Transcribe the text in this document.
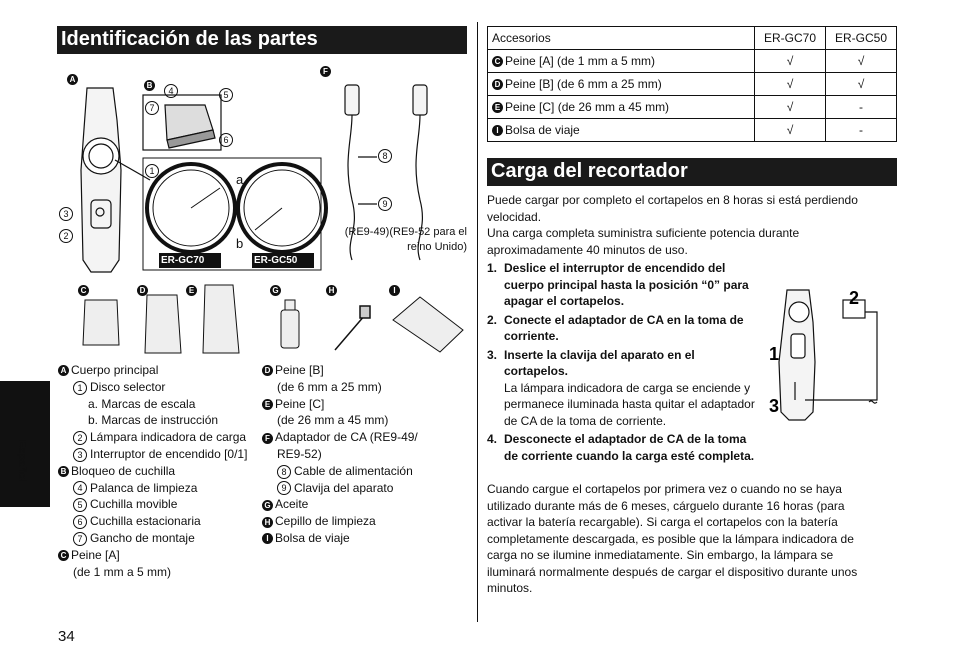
Identificación de las partes
A
B
F
C	D	E	G	H	I
4	5
7
6
1
3
2
8
9
a
b
ER-GC70	ER-GC50
(RE9-49)(RE9-52 para el reino Unido)
A Cuerpo principal
1 Disco selector
a. Marcas de escala
b. Marcas de instrucción
2 Lámpara indicadora de carga
3 Interruptor de encendido [0/1]
B Bloqueo de cuchilla
4 Palanca de limpieza
5 Cuchilla movible
6 Cuchilla estacionaria
7 Gancho de montaje
C Peine [A]
(de 1 mm a 5 mm)
D Peine [B]
(de 6 mm a 25 mm)
E Peine [C]
(de 26 mm a 45 mm)
F Adaptador de CA (RE9-49/
RE9-52)
8 Cable de alimentación
9 Clavija del aparato
G Aceite
H Cepillo de limpieza
I Bolsa de viaje
Español
34
Accesorios	ER-GC70	ER-GC50
C Peine [A] (de 1 mm a 5 mm)	√	√
D Peine [B] (de 6 mm a 25 mm)	√	√
E Peine [C] (de 26 mm a 45 mm)	√	-
I Bolsa de viaje	√	-
Carga del recortador
Puede cargar por completo el cortapelos en 8 horas si está perdiendo velocidad.
Una carga completa suministra suficiente potencia durante aproximadamente 40 minutos de uso.
1. Deslice el interruptor de encendido del cuerpo principal hasta la posición “0” para apagar el cortapelos.
2. Conecte el adaptador de CA en la toma de corriente.
3. Inserte la clavija del aparato en el cortapelos.
La lámpara indicadora de carga se enciende y permanece iluminada hasta quitar el adaptador de CA de la toma de corriente.
4. Desconecte el adaptador de CA de la toma de corriente cuando la carga esté completa.
1
2
3
Cuando cargue el cortapelos por primera vez o cuando no se haya utilizado durante más de 6 meses, cárguelo durante 16 horas (para activar la batería recargable). Si carga el cortapelos con la batería completamente descargada, es posible que la lámpara indicadora de carga no se ilumine inmediatamente. Sin embargo, la lámpara se iluminará normalmente después de cargar el dispositivo durante unos minutos.
